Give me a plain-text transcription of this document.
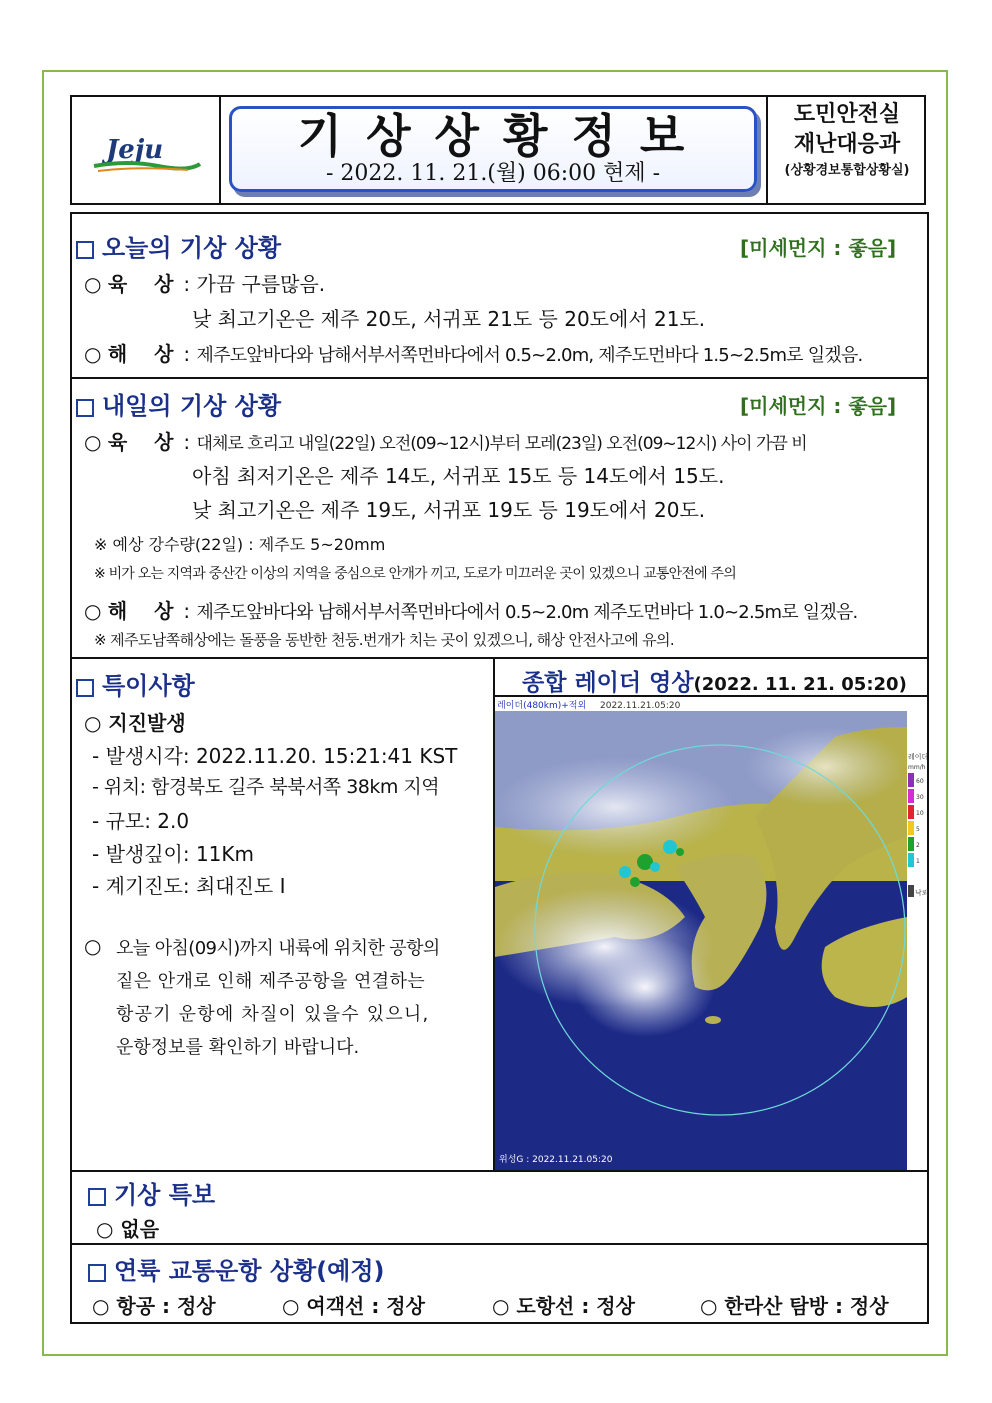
Jeju	기 상 상 황 정 보
- 2022. 11. 21.(월) 06:00 현제 -
도민안전실
재난대응과
(상황경보통합상황실)
오늘의 기상 상황	[미세먼지 : 좋음]
○ 육 상: 가끔 구름많음.
낮 최고기온은 제주 20도, 서귀포 21도 등 20도에서 21도.
○ 해 상: 제주도앞바다와 남해서부서쪽먼바다에서 0.5~2.0m, 제주도먼바다 1.5~2.5m로 일겠음.
내일의 기상 상황	[미세먼지 : 좋음]
○ 육 상: 대체로 흐리고 내일(22일) 오전(09~12시)부터 모레(23일) 오전(09~12시) 사이 가끔 비
아침 최저기온은 제주 14도, 서귀포 15도 등 14도에서 15도.
낮 최고기온은 제주 19도, 서귀포 19도 등 19도에서 20도.
※ 예상 강수량(22일) : 제주도 5~20mm
※ 비가 오는 지역과 중산간 이상의 지역을 중심으로 안개가 끼고, 도로가 미끄러운 곳이 있겠으니 교통안전에 주의
○ 해 상: 제주도앞바다와 남해서부서쪽먼바다에서 0.5~2.0m 제주도먼바다 1.0~2.5m로 일겠음.
※ 제주도남쪽해상에는 돌풍을 동반한 천둥.번개가 치는 곳이 있겠으니, 해상 안전사고에 유의.
특이사항
○ 지진발생
- 발생시각: 2022.11.20. 15:21:41 KST
- 위치: 함경북도 길주 북북서쪽 38km 지역
- 규모: 2.0
- 발생깊이: 11Km
- 계기진도: 최대진도 Ⅰ
○ 오늘 아침(09시)까지 내륙에 위치한 공항의
짙은 안개로 인해 제주공항을 연결하는
항공기 운항에 차질이 있을수 있으니,
운항정보를 확인하기 바랍니다.
종합 레이더 영상(2022. 11. 21. 05:20)
레이더(480km)+적외 2022.11.21.05:20
위성G : 2022.11.21.05:20
레이더
mm/h
60
30
10
5
2
1
낙뢰
기상 특보
○ 없음
연륙 교통운항 상황(예정)
○ 항공 : 정상	○ 여객선 : 정상	○ 도항선 : 정상	○ 한라산 탐방 : 정상
